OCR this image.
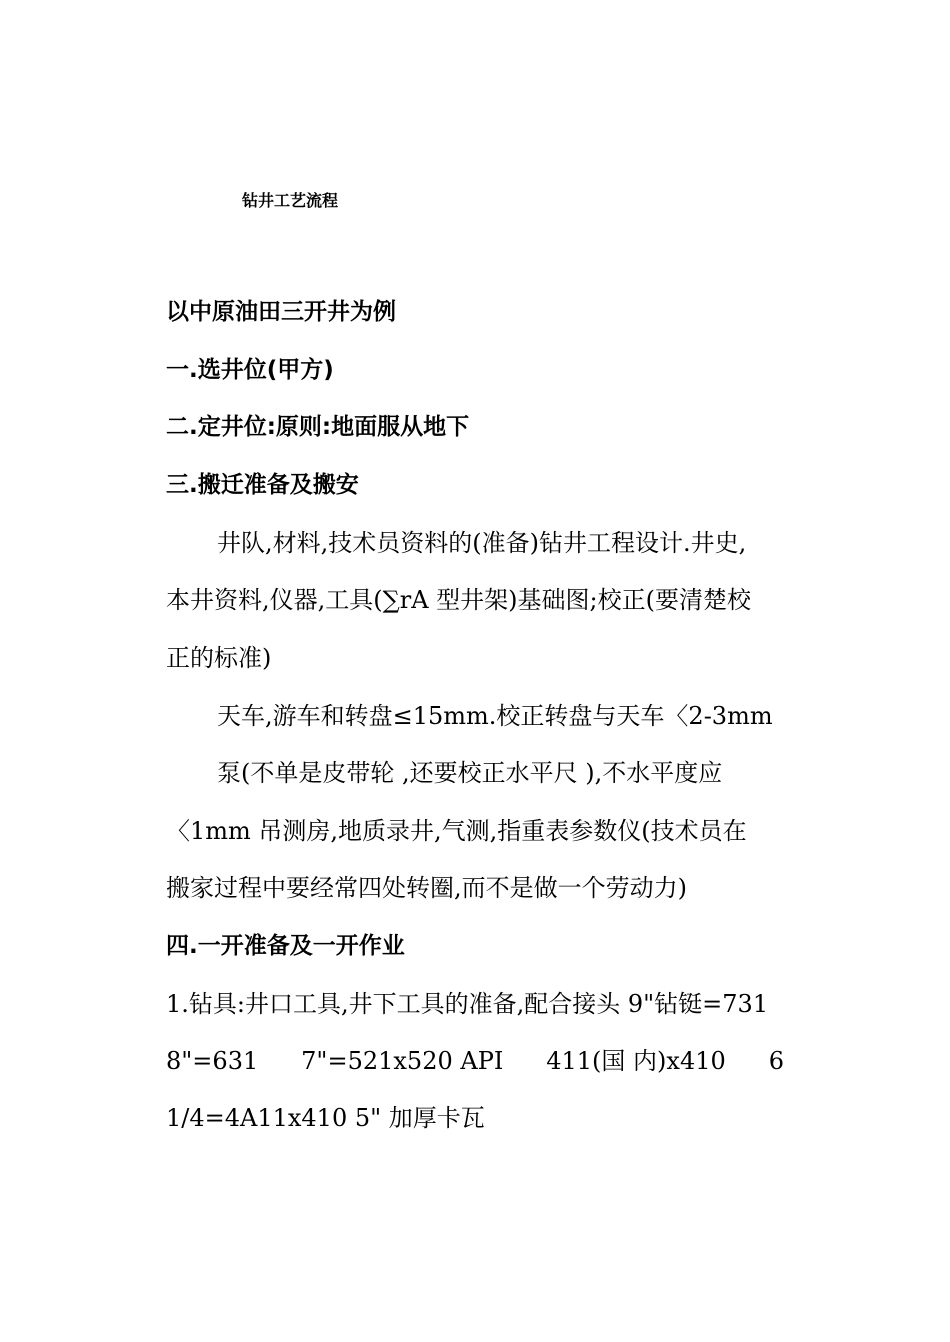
钻井工艺流程
以中原油田三开井为例
一.选井位(甲方)
二.定井位:原则:地面服从地下
三.搬迁准备及搬安
井队,材料,技术员资料的(准备)钻井工程设计.井史,
本井资料,仪器,工具(∑rA 型井架)基础图;校正(要清楚校
正的标准)
天车,游车和转盘≤15mm.校正转盘与天车〈2-3mm
泵(不单是皮带轮 ,还要校正水平尺 ),不水平度应
〈1mm 吊测房,地质录井,气测,指重表参数仪(技术员在
搬家过程中要经常四处转圈,而不是做一个劳动力)
四.一开准备及一开作业
1.钻具:井口工具,井下工具的准备,配合接头 9"钻铤=731
8"=631 7"=521x520 API 411(国 内)x410 6
1/4=4A11x410 5" 加厚卡瓦
